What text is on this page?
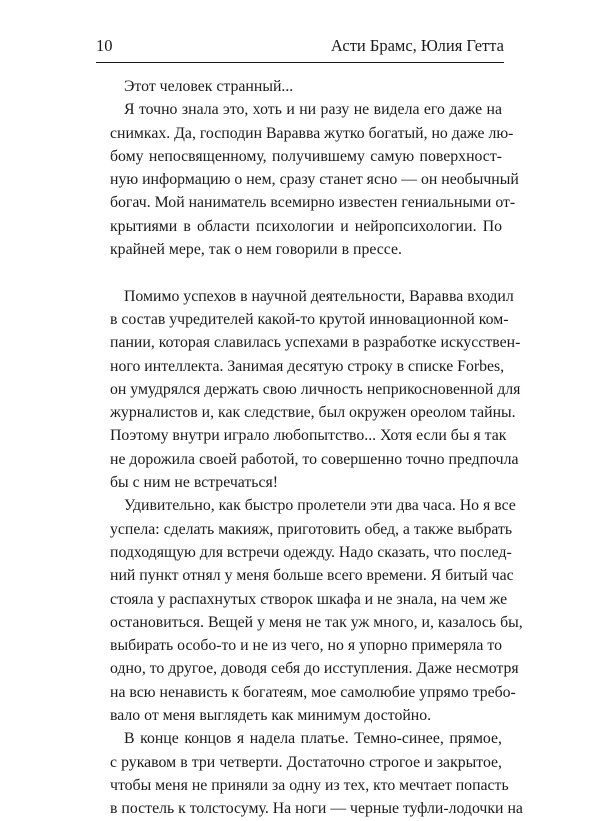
10	Асти Брамс, Юлия Гетта
Этот человек странный...
Я точно знала это, хоть и ни разу не видела его даже на
снимках. Да, господин Варавва жутко богатый, но даже лю-
бому непосвященному, получившему самую поверхност-
ную информацию о нем, сразу станет ясно — он необычный
богач. Мой наниматель всемирно известен гениальными от-
крытиями в области психологии и нейропсихологии. По
крайней мере, так о нем говорили в прессе.
Помимо успехов в научной деятельности, Варавва входил
в состав учредителей какой-то крутой инновационной ком-
пании, которая славилась успехами в разработке искусствен-
ного интеллекта. Занимая десятую строку в списке Forbes,
он умудрялся держать свою личность неприкосновенной для
журналистов и, как следствие, был окружен ореолом тайны.
Поэтому внутри играло любопытство... Хотя если бы я так
не дорожила своей работой, то совершенно точно предпочла
бы с ним не встречаться!
Удивительно, как быстро пролетели эти два часа. Но я все
успела: сделать макияж, приготовить обед, а также выбрать
подходящую для встречи одежду. Надо сказать, что послед-
ний пункт отнял у меня больше всего времени. Я битый час
стояла у распахнутых створок шкафа и не знала, на чем же
остановиться. Вещей у меня не так уж много, и, казалось бы,
выбирать особо-то и не из чего, но я упорно примеряла то
одно, то другое, доводя себя до исступления. Даже несмотря
на всю ненависть к богатеям, мое самолюбие упрямо требо-
вало от меня выглядеть как минимум достойно.
В конце концов я надела платье. Темно-синее, прямое,
с рукавом в три четверти. Достаточно строгое и закрытое,
чтобы меня не приняли за одну из тех, кто мечтает попасть
в постель к толстосуму. На ноги — черные туфли-лодочки на
